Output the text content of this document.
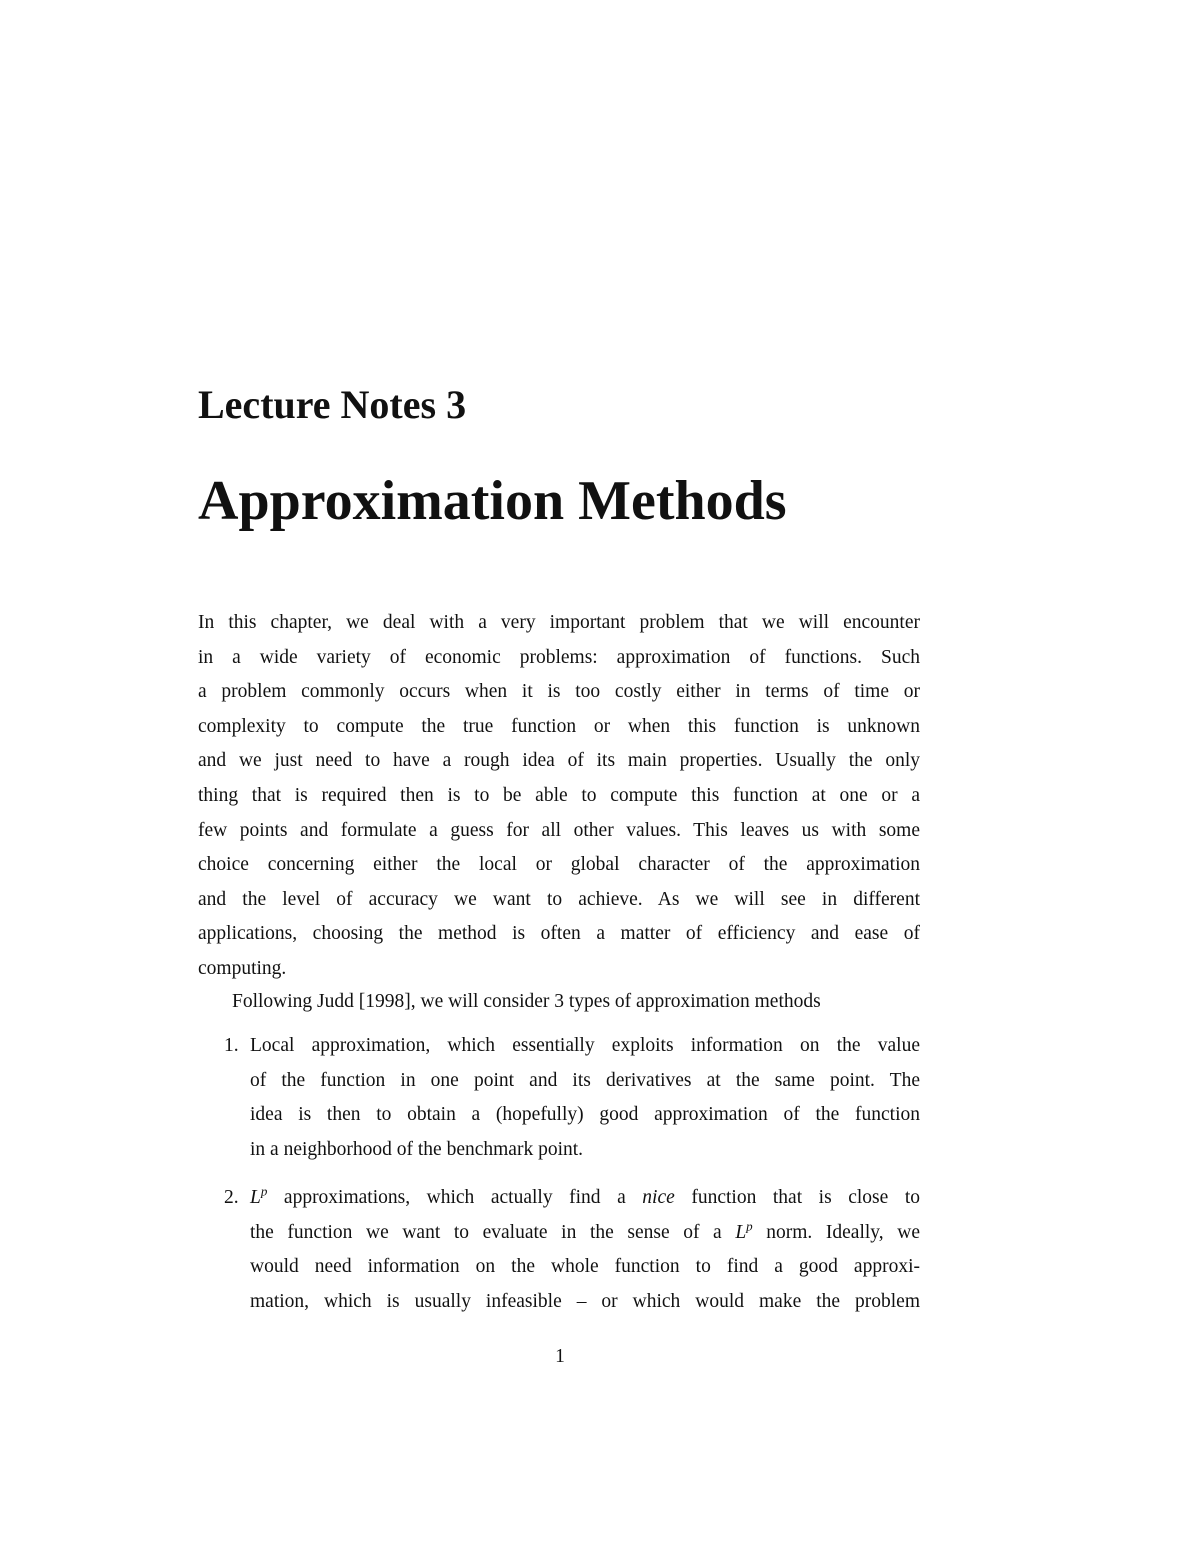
Lecture Notes 3
Approximation Methods
In this chapter, we deal with a very important problem that we will encounter
in a wide variety of economic problems: approximation of functions. Such
a problem commonly occurs when it is too costly either in terms of time or
complexity to compute the true function or when this function is unknown
and we just need to have a rough idea of its main properties. Usually the only
thing that is required then is to be able to compute this function at one or a
few points and formulate a guess for all other values. This leaves us with some
choice concerning either the local or global character of the approximation
and the level of accuracy we want to achieve. As we will see in different
applications, choosing the method is often a matter of efficiency and ease of
computing.
Following Judd [1998], we will consider 3 types of approximation methods
1. Local approximation, which essentially exploits information on the value
of the function in one point and its derivatives at the same point. The
idea is then to obtain a (hopefully) good approximation of the function
in a neighborhood of the benchmark point.
2. $L^p$ approximations, which actually find a nice function that is close to
the function we want to evaluate in the sense of a $L^p$ norm. Ideally, we
would need information on the whole function to find a good approxi-
mation, which is usually infeasible – or which would make the problem
1
